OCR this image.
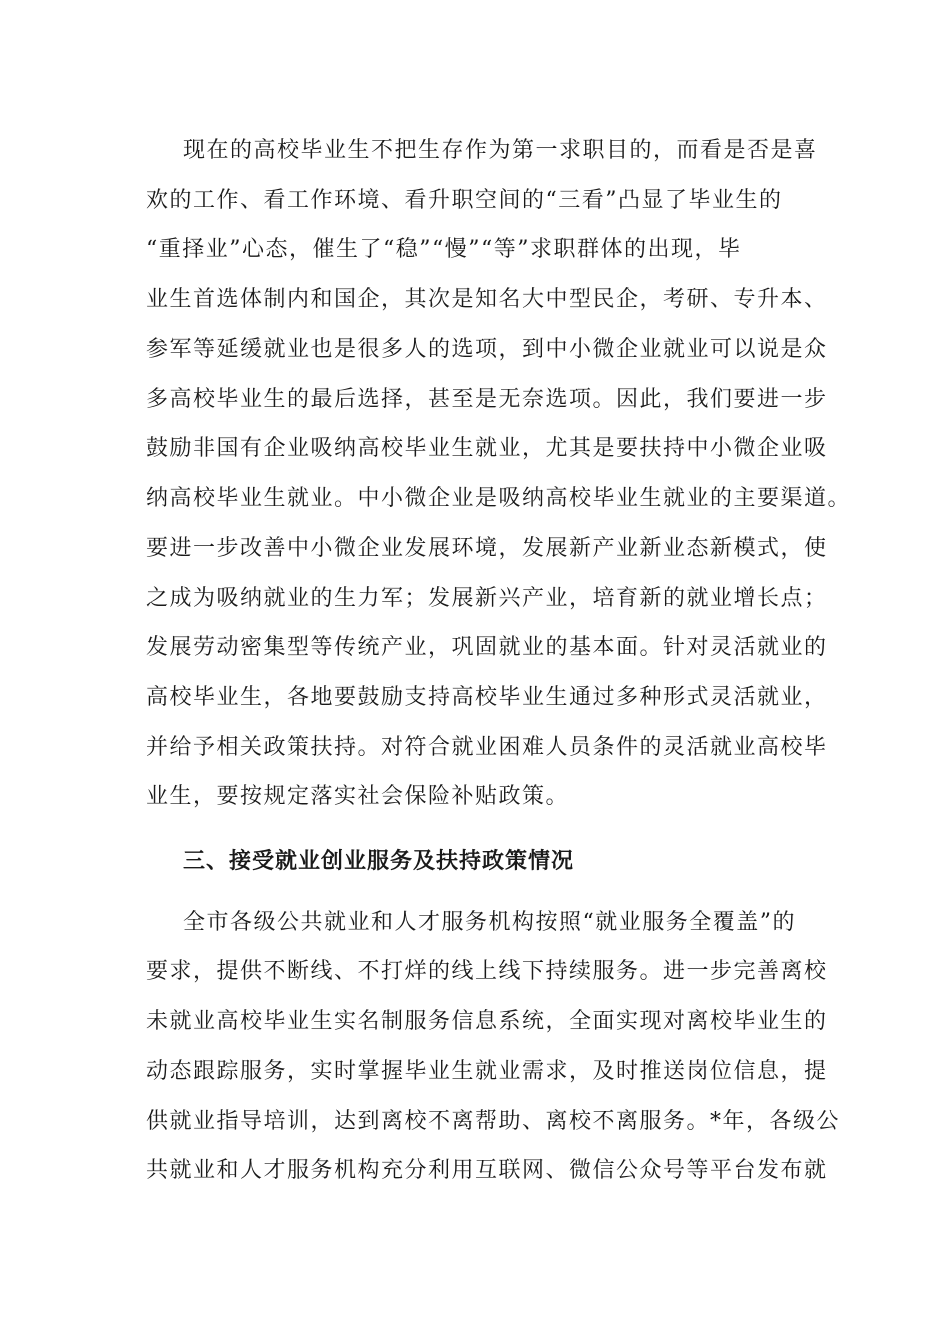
现在的高校毕业生不把生存作为第一求职目的，而看是否是喜
欢的工作、看工作环境、看升职空间的“三看”凸显了毕业生的
“重择业”心态，催生了“稳”“慢”“等”求职群体的出现，毕
业生首选体制内和国企，其次是知名大中型民企，考研、专升本、
参军等延缓就业也是很多人的选项，到中小微企业就业可以说是众
多高校毕业生的最后选择，甚至是无奈选项。因此，我们要进一步
鼓励非国有企业吸纳高校毕业生就业，尤其是要扶持中小微企业吸
纳高校毕业生就业。中小微企业是吸纳高校毕业生就业的主要渠道。
要进一步改善中小微企业发展环境，发展新产业新业态新模式，使
之成为吸纳就业的生力军；发展新兴产业，培育新的就业增长点；
发展劳动密集型等传统产业，巩固就业的基本面。针对灵活就业的
高校毕业生，各地要鼓励支持高校毕业生通过多种形式灵活就业，
并给予相关政策扶持。对符合就业困难人员条件的灵活就业高校毕
业生，要按规定落实社会保险补贴政策。
三、接受就业创业服务及扶持政策情况
全市各级公共就业和人才服务机构按照“就业服务全覆盖”的
要求，提供不断线、不打烊的线上线下持续服务。进一步完善离校
未就业高校毕业生实名制服务信息系统，全面实现对离校毕业生的
动态跟踪服务，实时掌握毕业生就业需求，及时推送岗位信息，提
供就业指导培训，达到离校不离帮助、离校不离服务。*年，各级公
共就业和人才服务机构充分利用互联网、微信公众号等平台发布就
